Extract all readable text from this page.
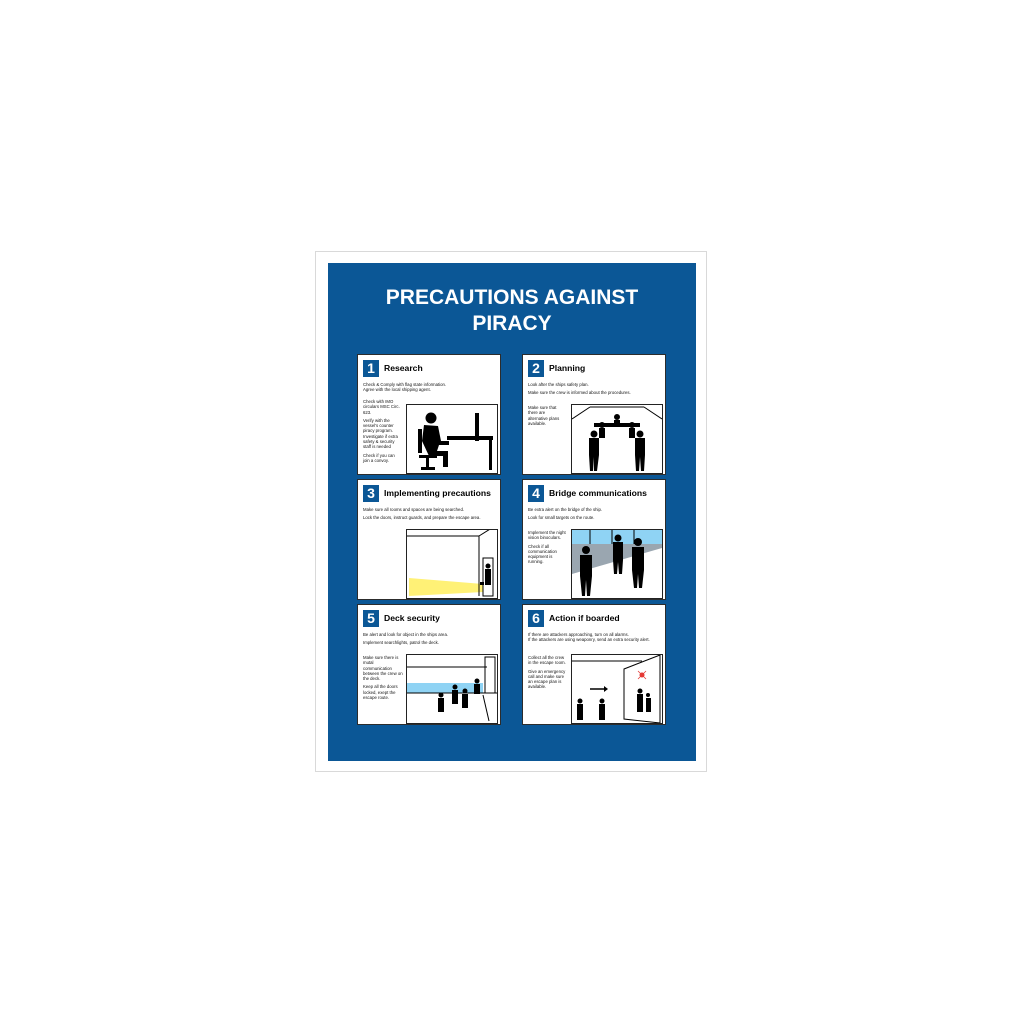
PRECAUTIONS AGAINST
PIRACY
1	Research
Check & Comply with flag state information.
Agree with the local shipping agent.

Check with IMO circulars MSC Circ. 623.

Verify with the vessel's counter piracy program. Investigate if extra safety & security staff is needed

Check if you can join a convoy.

2	Planning

Look after the ships safety plan.

Make sure the crew is informed about the procedures.

Make sure that there are alternative plans available.

3	Implementing precautions

Make sure all rooms and spaces are being searched.

Lock the doors, instruct guards, and prepare the escape area.

4	Bridge communications

Be extra alert on the bridge of the ship.

Look for small targets on the route.

Implement the night vision binoculars.

Check if all communication equipment is running.

5	Deck security

Be alert and look for object in the ships area.

Implement searchlights, patrol the deck.

Make sure there is mutal communication between the crew on the deck.

Keep all the doors locked, exept the escape route.

6	Action if boarded
If there are attackers approaching, turn on all alarms.
If the attackers are using weaponry, send an extra security alert.

Collect all the crew in the escape room.

Give an emergency call and make sure an escape plan is available.
